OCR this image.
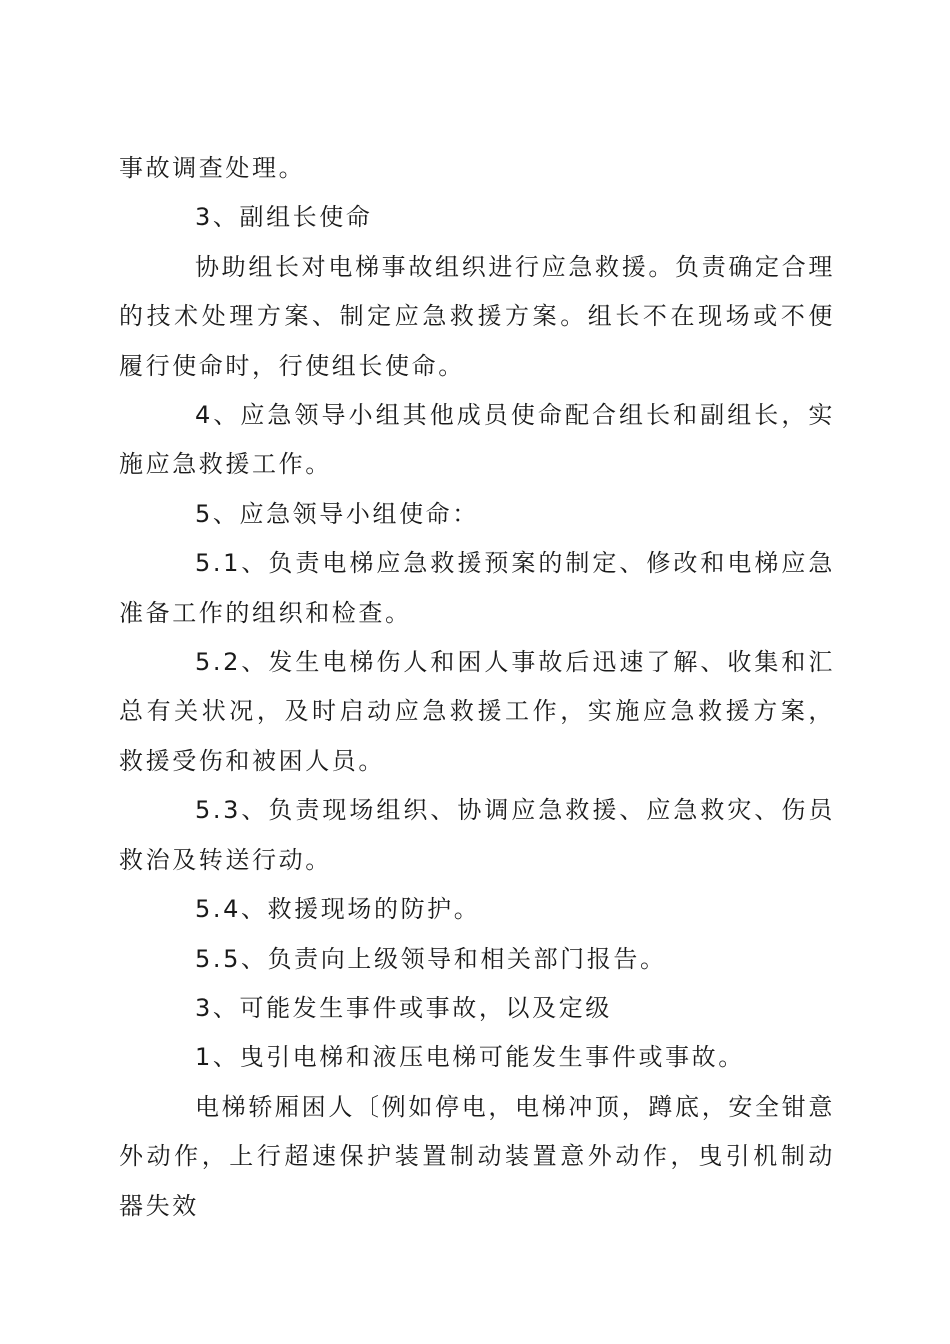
事故调查处理。

3、副组长使命

协助组长对电梯事故组织进行应急救援。负责确定合理的技术处理方案、制定应急救援方案。组长不在现场或不便履行使命时，行使组长使命。

4、应急领导小组其他成员使命配合组长和副组长，实施应急救援工作。

5、应急领导小组使命：

5.1、负责电梯应急救援预案的制定、修改和电梯应急准备工作的组织和检查。

5.2、发生电梯伤人和困人事故后迅速了解、收集和汇总有关状况，及时启动应急救援工作，实施应急救援方案，救援受伤和被困人员。

5.3、负责现场组织、协调应急救援、应急救灾、伤员救治及转送行动。

5.4、救援现场的防护。

5.5、负责向上级领导和相关部门报告。

3、可能发生事件或事故，以及定级

1、曳引电梯和液压电梯可能发生事件或事故。

电梯轿厢困人〔例如停电，电梯冲顶，蹲底，安全钳意外动作，上行超速保护装置制动装置意外动作，曳引机制动器失效
